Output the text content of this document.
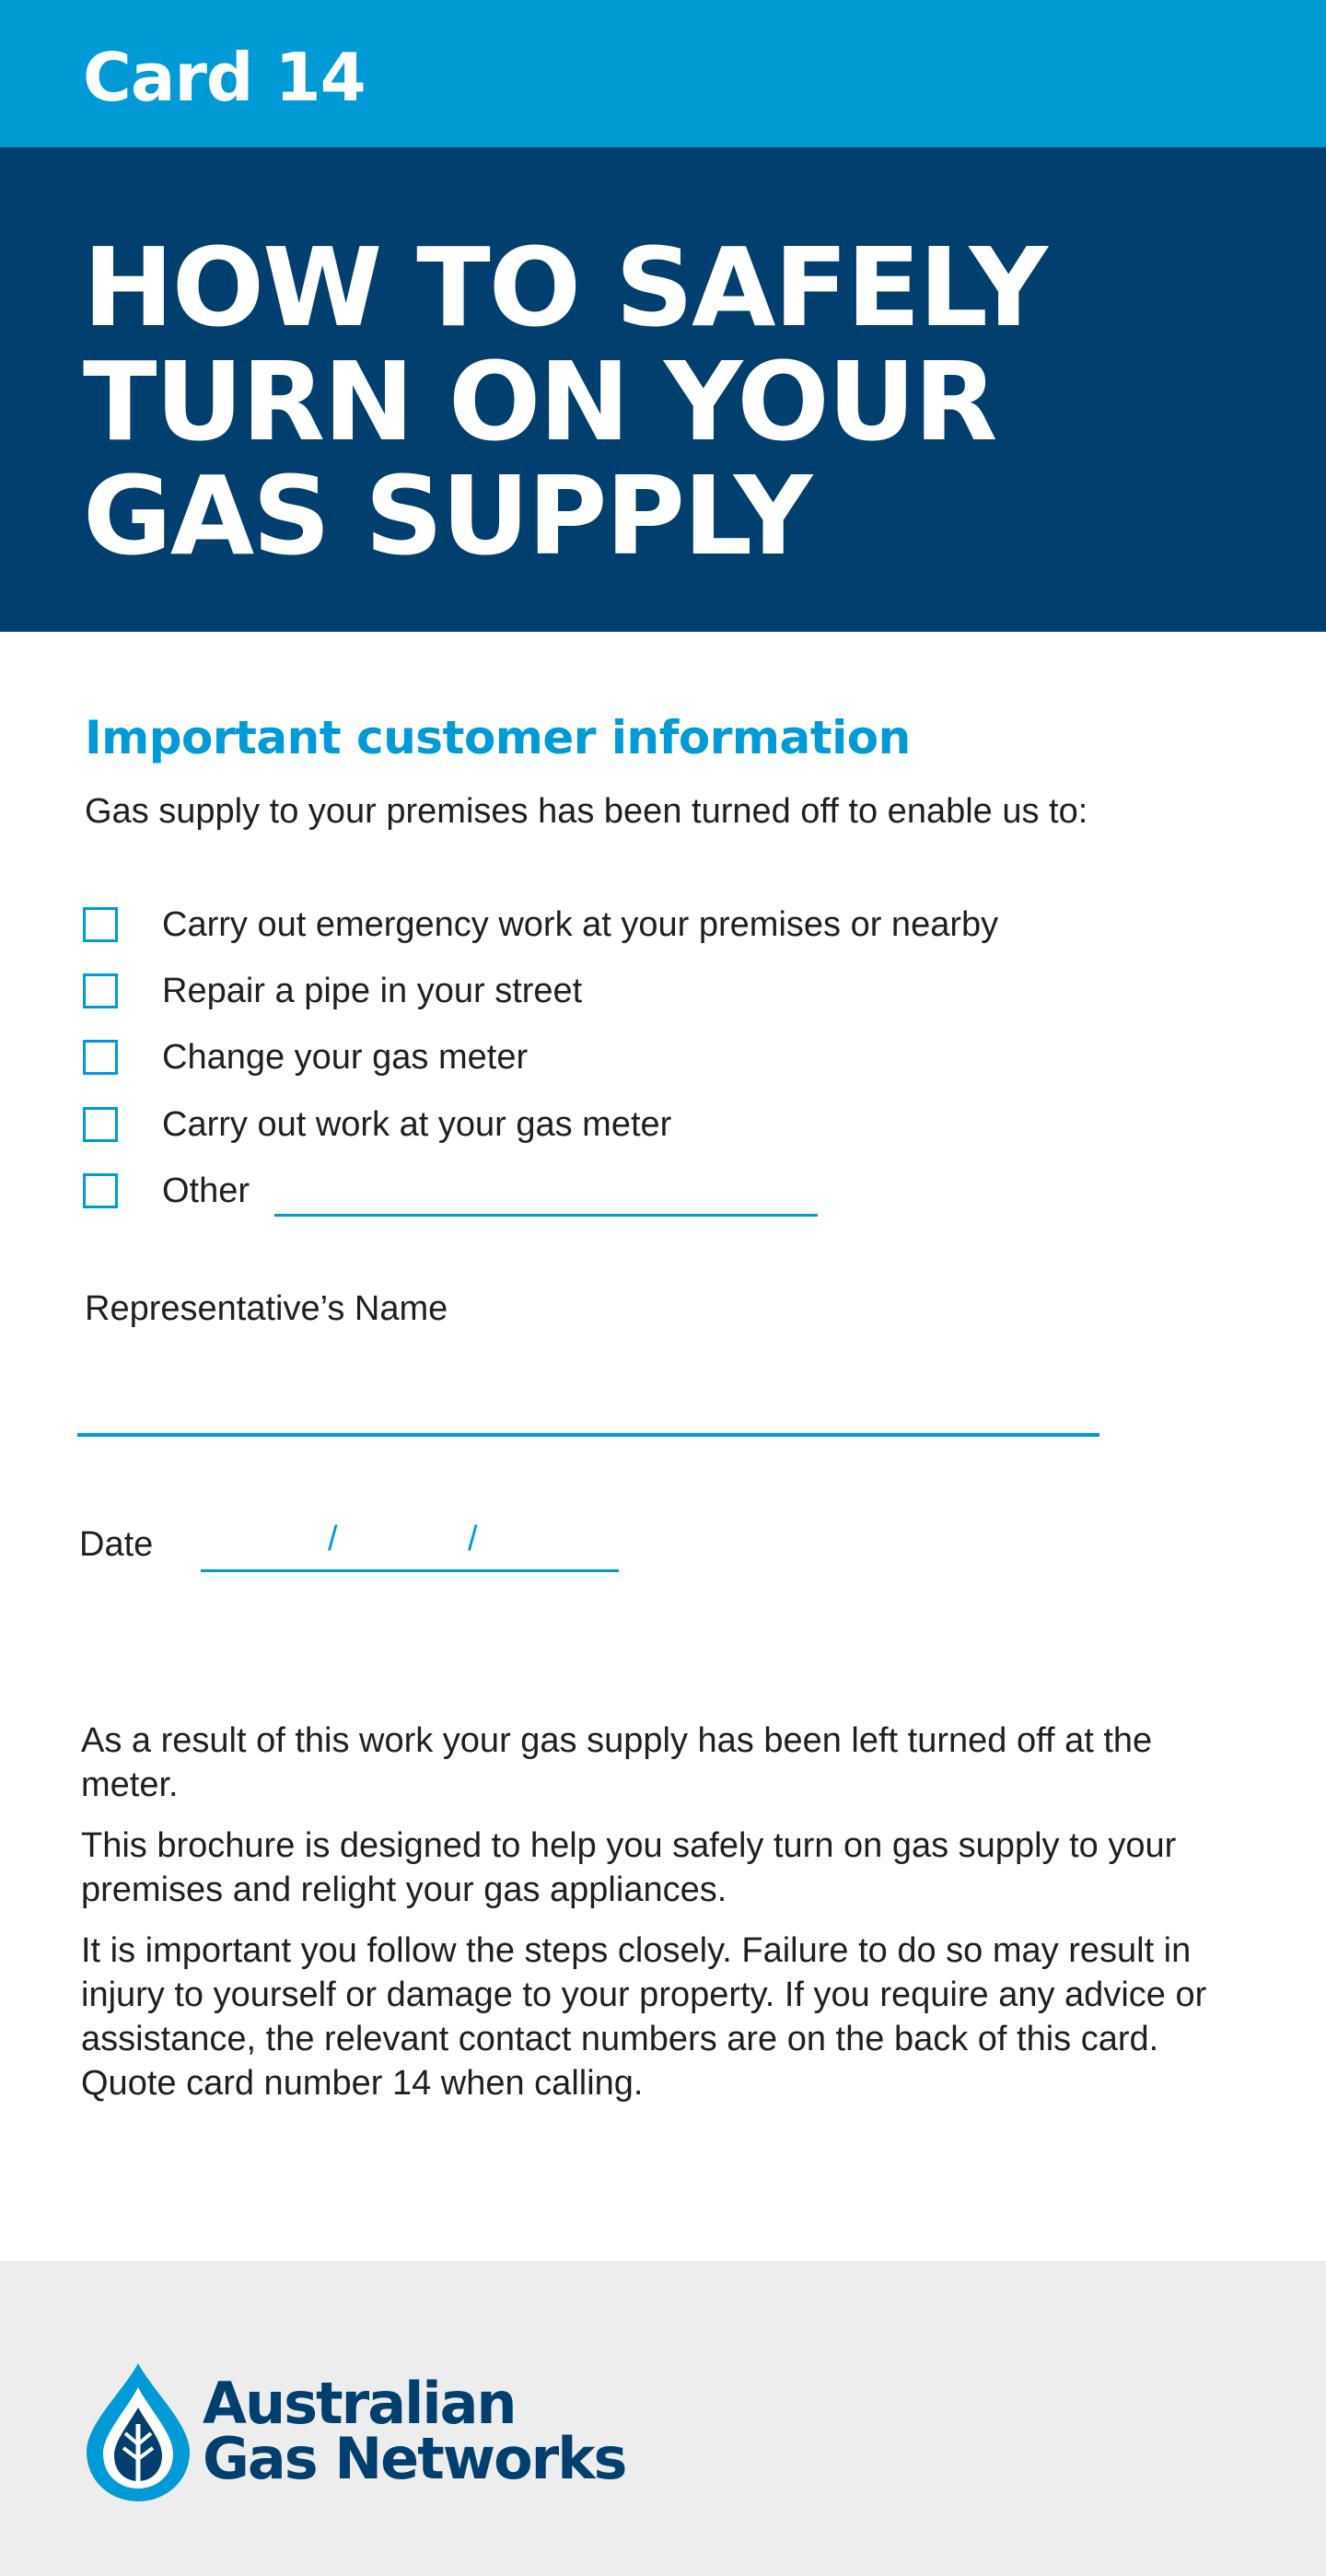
Card 14
HOW TO SAFELY
TURN ON YOUR
GAS SUPPLY
Important customer information
Gas supply to your premises has been turned off to enable us to:
Carry out emergency work at your premises or nearby
Repair a pipe in your street
Change your gas meter
Carry out work at your gas meter
Other
Representative’s Name
Date	/	/

As a result of this work your gas supply has been left turned off at the meter.

This brochure is designed to help you safely turn on gas supply to your premises and relight your gas appliances.

It is important you follow the steps closely. Failure to do so may result in injury to yourself or damage to your property. If you require any advice or assistance, the relevant contact numbers are on the back of this card. Quote card number 14 when calling.

Australian
Gas Networks
